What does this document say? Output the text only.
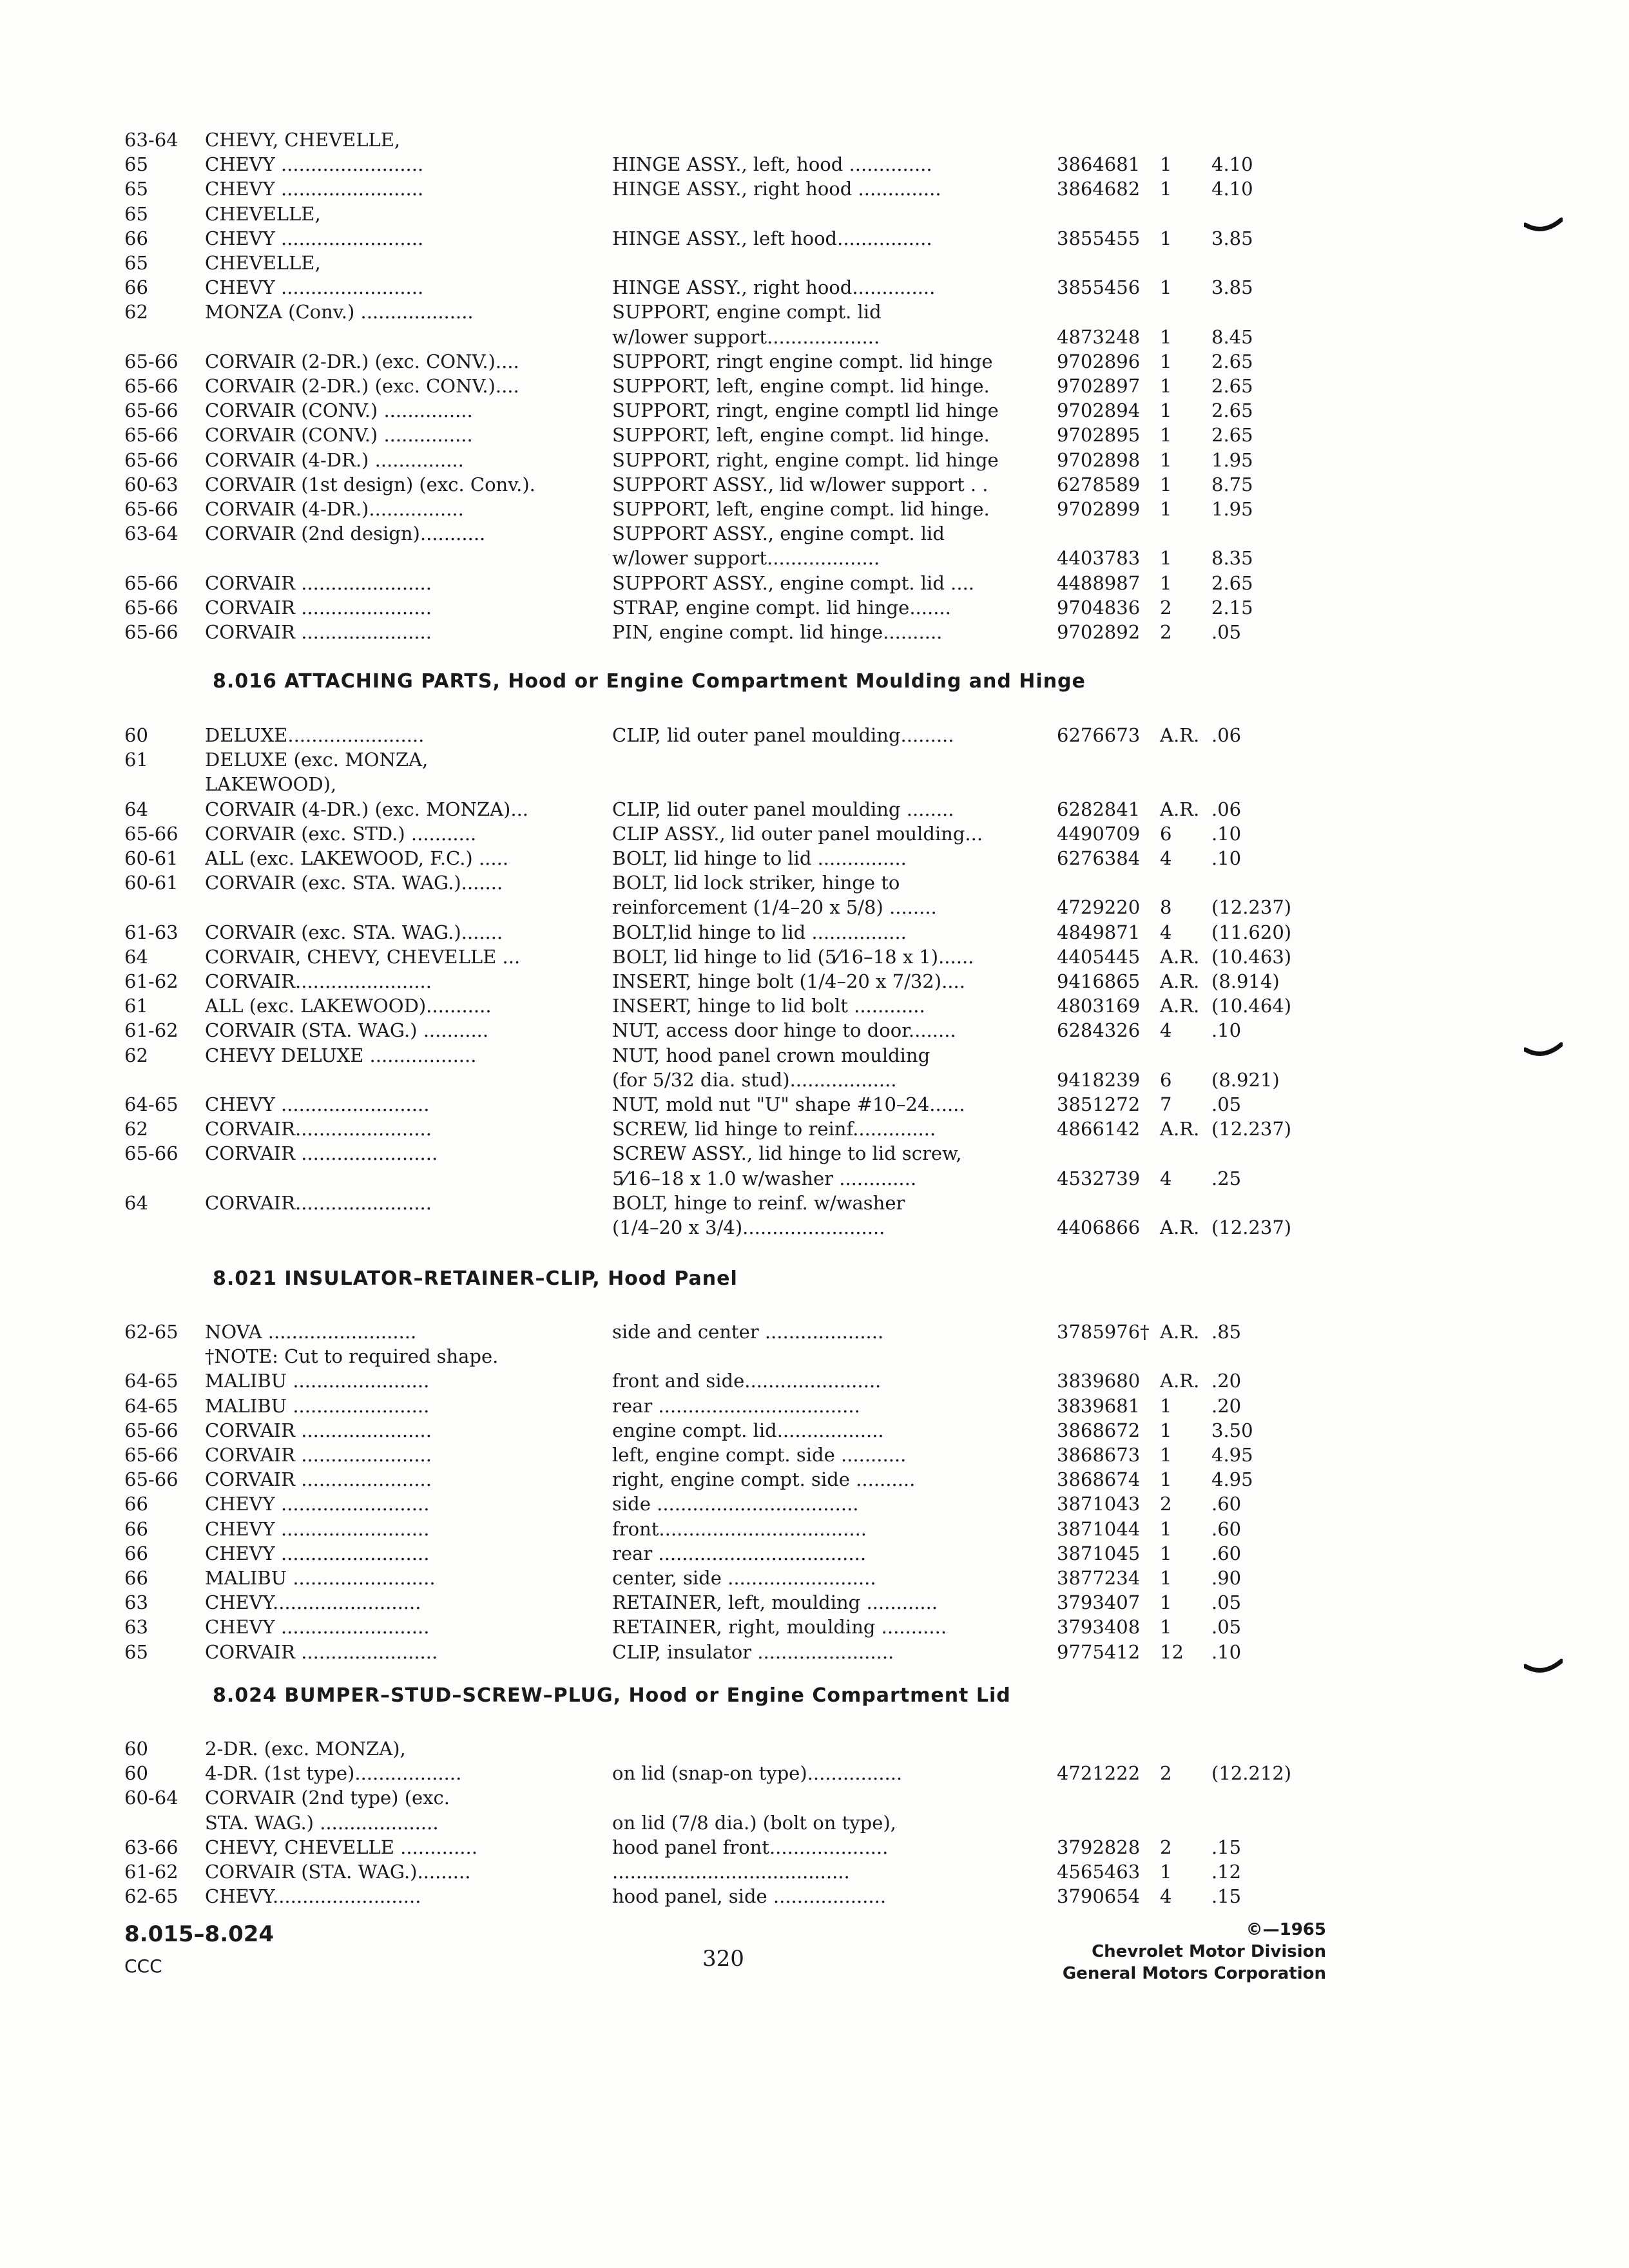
63-64	CHEVY, CHEVELLE,
65	CHEVY ........................	HINGE ASSY., left, hood ..............	3864681	1	4.10
65	CHEVY ........................	HINGE ASSY., right hood ..............	3864682	1	4.10
65	CHEVELLE,
66	CHEVY ........................	HINGE ASSY., left hood................	3855455	1	3.85
65	CHEVELLE,
66	CHEVY ........................	HINGE ASSY., right hood..............	3855456	1	3.85
62	MONZA (Conv.) ...................	SUPPORT, engine compt. lid
w/lower support...................	4873248	1	8.45
65-66	CORVAIR (2-DR.) (exc. CONV.)....	SUPPORT, ringt engine compt. lid hinge	9702896	1	2.65
65-66	CORVAIR (2-DR.) (exc. CONV.)....	SUPPORT, left, engine compt. lid hinge.	9702897	1	2.65
65-66	CORVAIR (CONV.) ...............	SUPPORT, ringt, engine comptl lid hinge	9702894	1	2.65
65-66	CORVAIR (CONV.) ...............	SUPPORT, left, engine compt. lid hinge.	9702895	1	2.65
65-66	CORVAIR (4-DR.) ...............	SUPPORT, right, engine compt. lid hinge	9702898	1	1.95
60-63	CORVAIR (1st design) (exc. Conv.).	SUPPORT ASSY., lid w/lower support . .	6278589	1	8.75
65-66	CORVAIR (4-DR.)................	SUPPORT, left, engine compt. lid hinge.	9702899	1	1.95
63-64	CORVAIR (2nd design)...........	SUPPORT ASSY., engine compt. lid
w/lower support...................	4403783	1	8.35
65-66	CORVAIR ......................	SUPPORT ASSY., engine compt. lid ....	4488987	1	2.65
65-66	CORVAIR ......................	STRAP, engine compt. lid hinge.......	9704836	2	2.15
65-66	CORVAIR ......................	PIN, engine compt. lid hinge..........	9702892	2	.05
8.016 ATTACHING PARTS, Hood or Engine Compartment Moulding and Hinge
60	DELUXE.......................	CLIP, lid outer panel moulding.........	6276673	A.R. .06
61	DELUXE (exc. MONZA,
LAKEWOOD),
64	CORVAIR (4-DR.) (exc. MONZA)...	CLIP, lid outer panel moulding ........	6282841	A.R. .06
65-66	CORVAIR (exc. STD.) ...........	CLIP ASSY., lid outer panel moulding...	4490709	6	.10
60-61	ALL (exc. LAKEWOOD, F.C.) .....	BOLT, lid hinge to lid ...............	6276384	4	.10
60-61	CORVAIR (exc. STA. WAG.).......	BOLT, lid lock striker, hinge to
reinforcement (1/4–20 x 5/8) ........	4729220	8	(12.237)
61-63	CORVAIR (exc. STA. WAG.).......	BOLT,lid hinge to lid ................	4849871	4	(11.620)
64	CORVAIR, CHEVY, CHEVELLE ...	BOLT, lid hinge to lid (5⁄16–18 x 1)......	4405445	A.R. (10.463)
61-62	CORVAIR.......................	INSERT, hinge bolt (1/4–20 x 7/32)....	9416865	A.R. (8.914)
61	ALL (exc. LAKEWOOD)...........	INSERT, hinge to lid bolt ............	4803169	A.R. (10.464)
61-62	CORVAIR (STA. WAG.) ...........	NUT, access door hinge to door........	6284326	4	.10
62	CHEVY DELUXE ..................	NUT, hood panel crown moulding
(for 5/32 dia. stud)..................	9418239	6	(8.921)
64-65	CHEVY .........................	NUT, mold nut "U" shape #10–24......	3851272	7	.05
62	CORVAIR.......................	SCREW, lid hinge to reinf..............	4866142	A.R. (12.237)
65-66	CORVAIR .......................	SCREW ASSY., lid hinge to lid screw,
5⁄16–18 x 1.0 w/washer .............	4532739	4	.25
64	CORVAIR.......................	BOLT, hinge to reinf. w/washer
(1/4–20 x 3/4)........................	4406866	A.R. (12.237)
8.021 INSULATOR–RETAINER–CLIP, Hood Panel
62-65	NOVA .........................	side and center ....................	3785976† A.R. .85
†NOTE: Cut to required shape.
64-65	MALIBU .......................	front and side.......................	3839680	A.R. .20
64-65	MALIBU .......................	rear ..................................	3839681	1	.20
65-66	CORVAIR ......................	engine compt. lid..................	3868672	1	3.50
65-66	CORVAIR ......................	left, engine compt. side ...........	3868673	1	4.95
65-66	CORVAIR ......................	right, engine compt. side ..........	3868674	1	4.95
66	CHEVY .........................	side ..................................	3871043	2	.60
66	CHEVY .........................	front...................................	3871044	1	.60
66	CHEVY .........................	rear ...................................	3871045	1	.60
66	MALIBU ........................	center, side .........................	3877234	1	.90
63	CHEVY.........................	RETAINER, left, moulding ............	3793407	1	.05
63	CHEVY .........................	RETAINER, right, moulding ...........	3793408	1	.05
65	CORVAIR .......................	CLIP, insulator .......................	9775412	12	.10
8.024 BUMPER–STUD–SCREW–PLUG, Hood or Engine Compartment Lid
60	2-DR. (exc. MONZA),
60	4-DR. (1st type)..................	on lid (snap-on type)................	4721222	2	(12.212)
60-64	CORVAIR (2nd type) (exc.
STA. WAG.) ....................	on lid (7/8 dia.) (bolt on type),
63-66	CHEVY, CHEVELLE .............	hood panel front....................	3792828	2	.15
61-62	CORVAIR (STA. WAG.).........	........................................	4565463	1	.12
62-65	CHEVY.........................	hood panel, side ...................	3790654	4	.15
8.015–8.024
CCC	320
©—1965
Chevrolet Motor Division
General Motors Corporation
